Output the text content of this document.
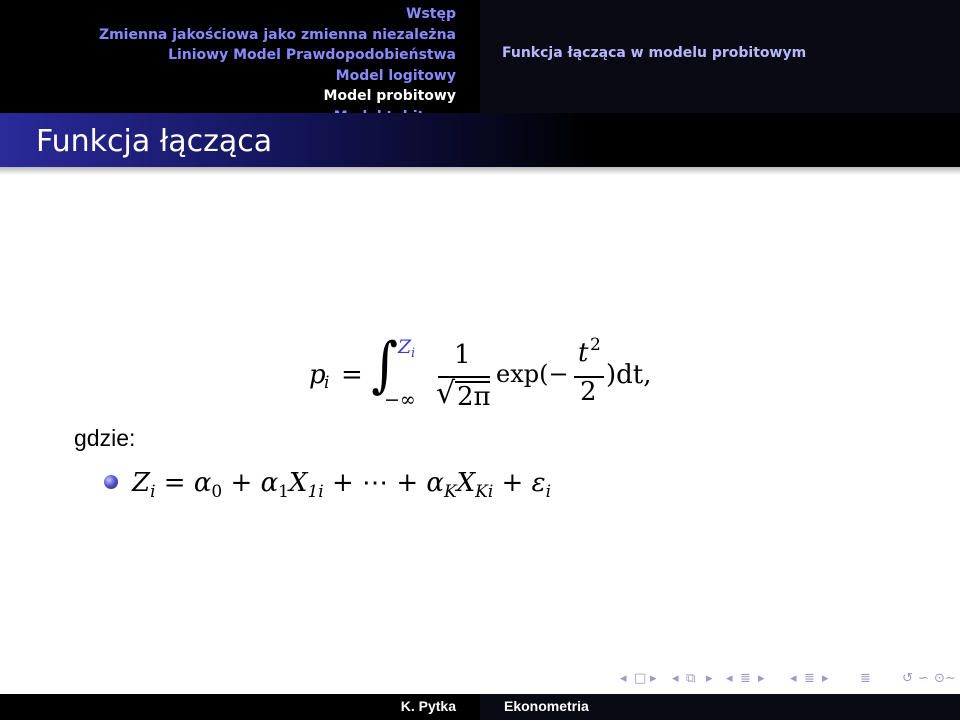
Wstęp
Zmienna jakościowa jako zmienna niezależna
Liniowy Model Prawdopodobieństwa
Model logitowy
Model probitowy
Funkcja łącząca w modelu probitowym
Funkcja łącząca
p
i = ∫ Z i
−∞
1
√ 2π
exp(−
t 2
2
)dt,
gdzie:
$Z_i = \alpha_0 + \alpha_1X_{1i}$ + ⋯ + $\alpha_KX_{Ki} + \varepsilon_i$
◂ □ ▸ ◂ ⧉ ▸ ◂ ≣ ▸ ◂ ≣ ▸ ≣ ↺ ∽ ⊙∼
K. Pytka	Ekonometria
